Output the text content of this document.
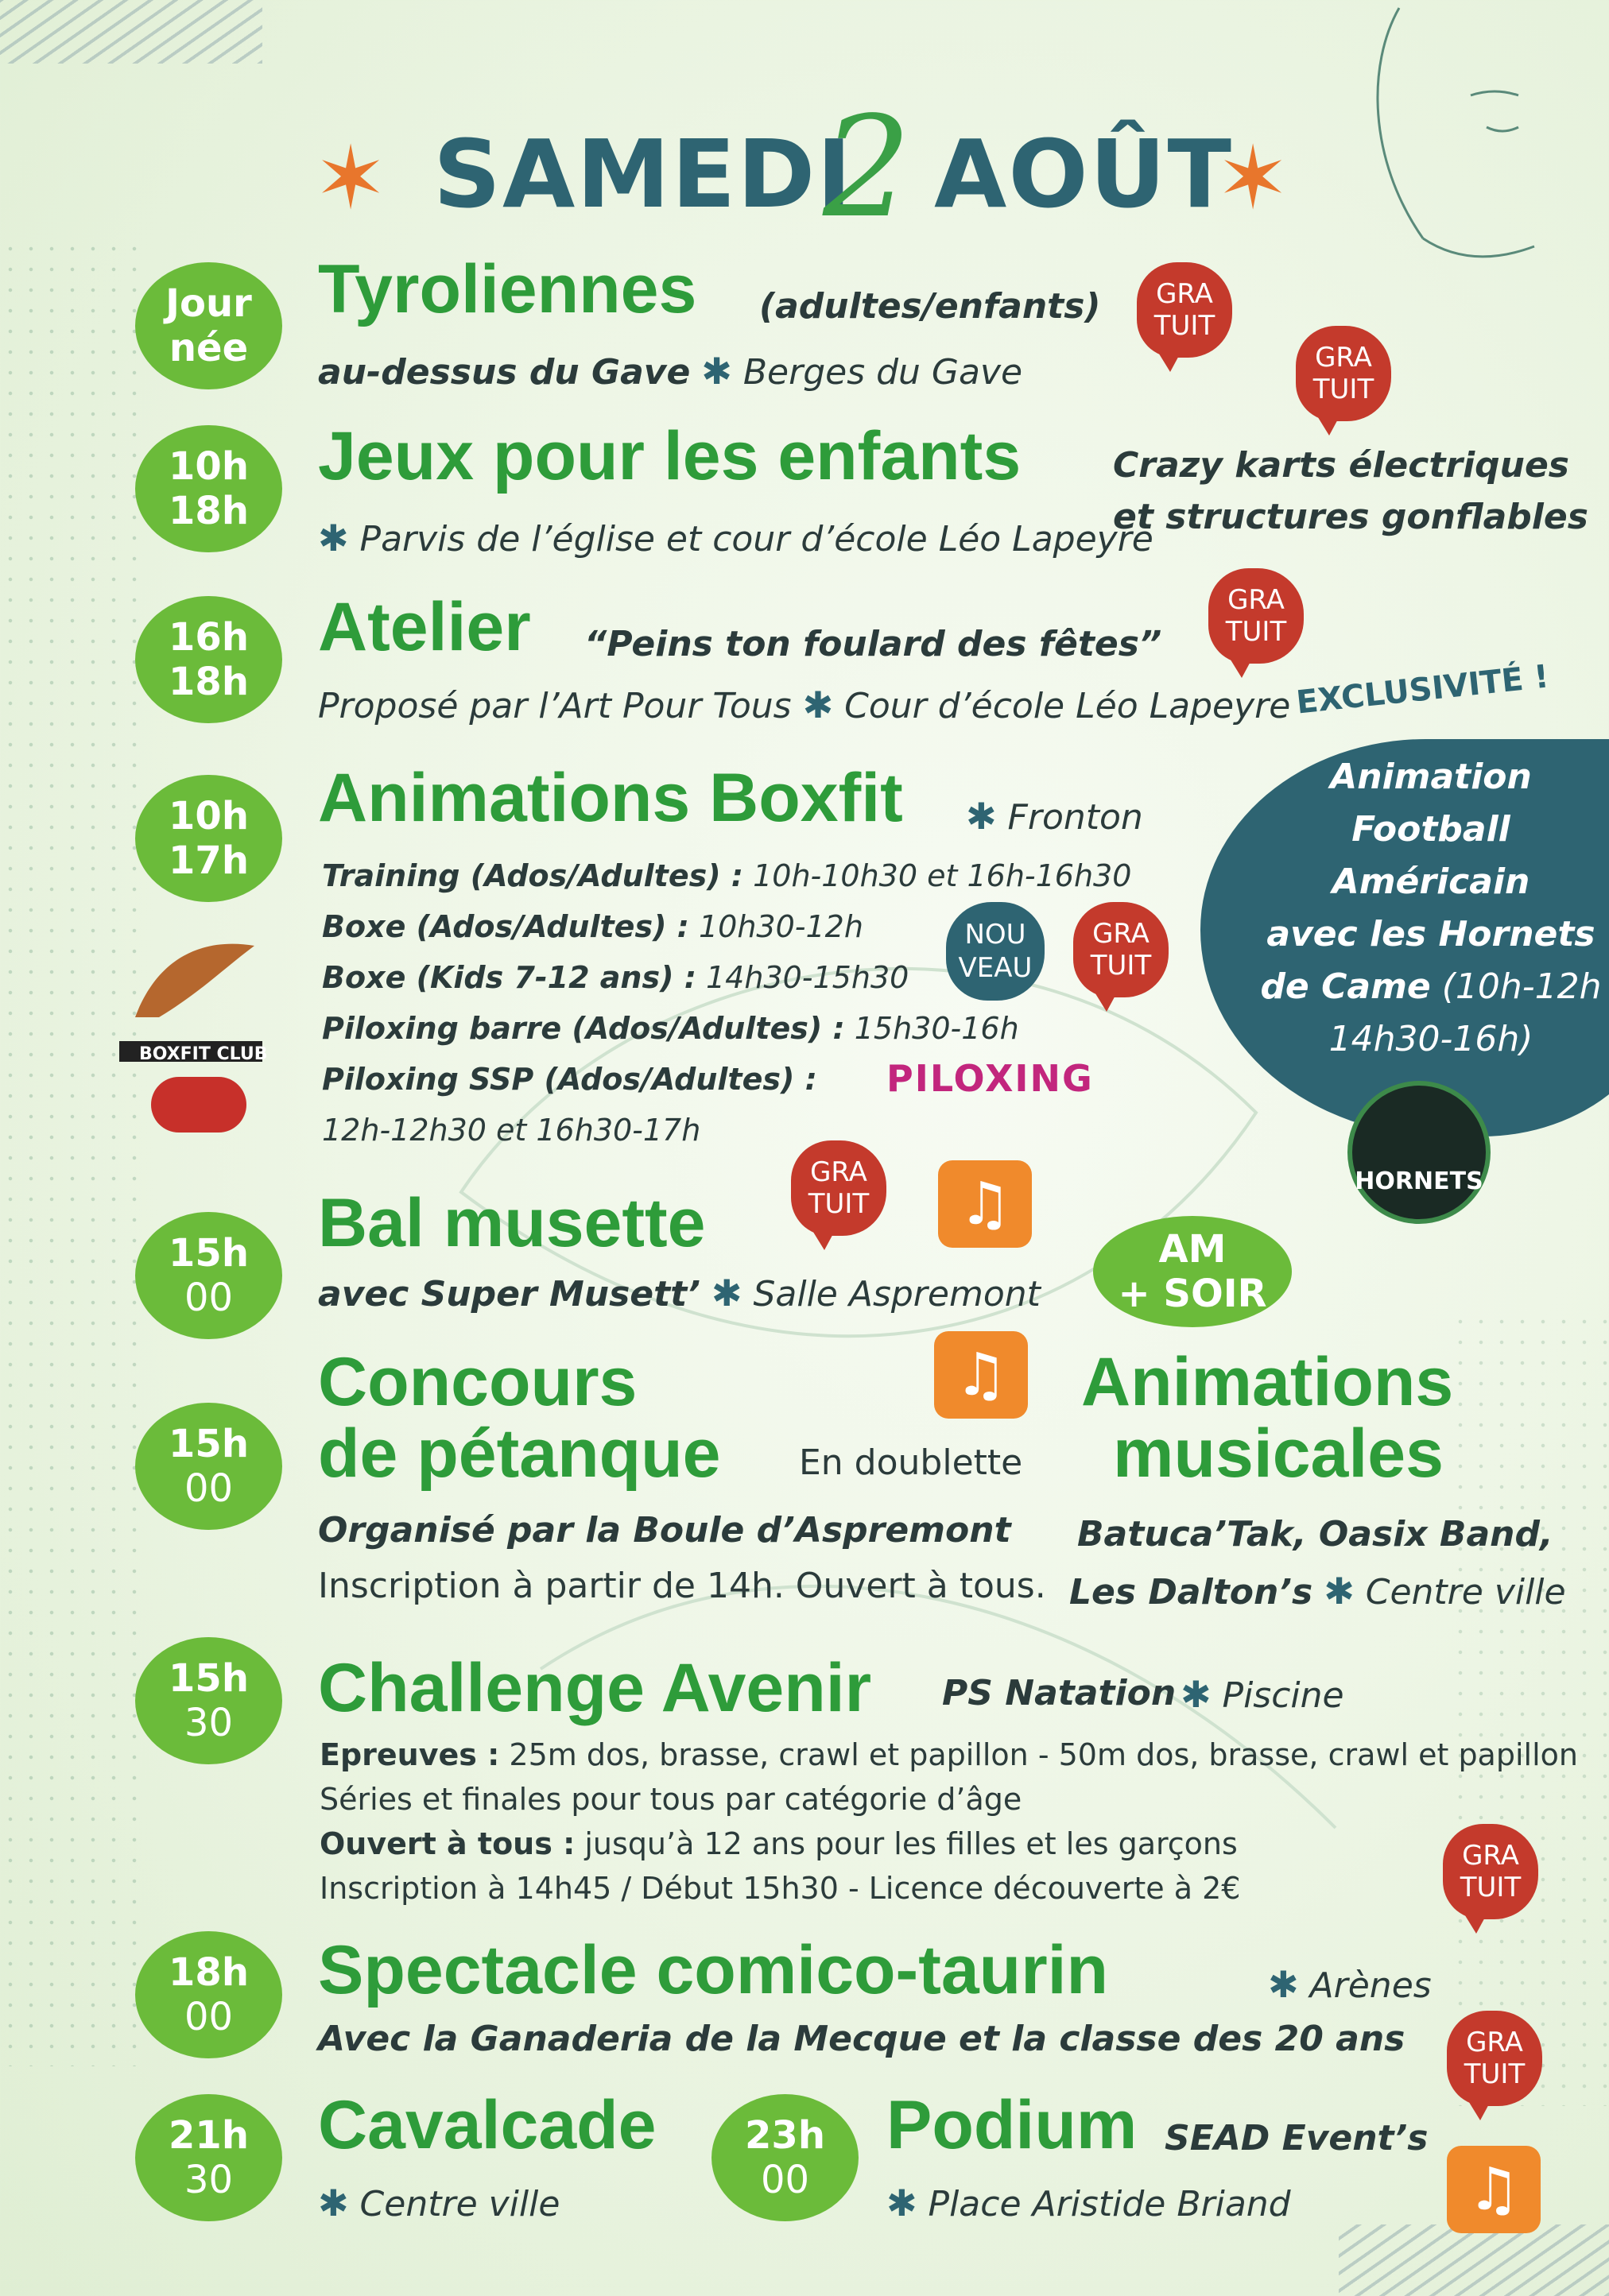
✶	✶
SAMEDI
2 AOÛT
Jour
née
Tyroliennes (adultes/enfants)
au-dessus du Gave ✱ Berges du Gave
GRA
TUIT
GRA
TUIT
10h
18h
Jeux pour les enfants
✱ Parvis de l’église et cour d’école Léo Lapeyre
Crazy karts électriques
et structures gonflables
16h
18h
Atelier “Peins ton foulard des fêtes”
Proposé par l’Art Pour Tous ✱ Cour d’école Léo Lapeyre
GRA
TUIT
EXCLUSIVITÉ !
Animation
Football
Américain
avec les Hornets
de Came (10h-12h
14h30-16h)
HORNETS
10h
17h
Animations Boxfit ✱ Fronton
Training (Ados/Adultes) : 10h-10h30 et 16h-16h30
Boxe (Ados/Adultes) : 10h30-12h
Boxe (Kids 7-12 ans) : 14h30-15h30
Piloxing barre (Ados/Adultes) : 15h30-16h
Piloxing SSP (Ados/Adultes) :
12h-12h30 et 16h30-17h
PILOXING
NOU
VEAU
GRA
TUIT
BOXFIT CLUB
15h
00
Bal musette
avec Super Musett’ ✱ Salle Aspremont
GRA
TUIT	♫
AM
+ SOIR
15h
00
Concours
de pétanque En doublette
Organisé par la Boule d’Aspremont
Inscription à partir de 14h. Ouvert à tous.
♫	Animations
musicales
Batuca’Tak, Oasix Band,
Les Dalton’s ✱ Centre ville
15h
30 Challenge Avenir PS Natation ✱ Piscine
Epreuves : 25m dos, brasse, crawl et papillon - 50m dos, brasse, crawl et papillon
Séries et finales pour tous par catégorie d’âge
Ouvert à tous : jusqu’à 12 ans pour les filles et les garçons
Inscription à 14h45 / Début 15h30 - Licence découverte à 2€
GRA
TUIT
18h
00
Spectacle comico-taurin	✱ Arènes
Avec la Ganaderia de la Mecque et la classe des 20 ans	GRA
TUIT
21h
30
Cavalcade
✱ Centre ville
23h
00
Podium SEAD Event’s
✱ Place Aristide Briand	♫
